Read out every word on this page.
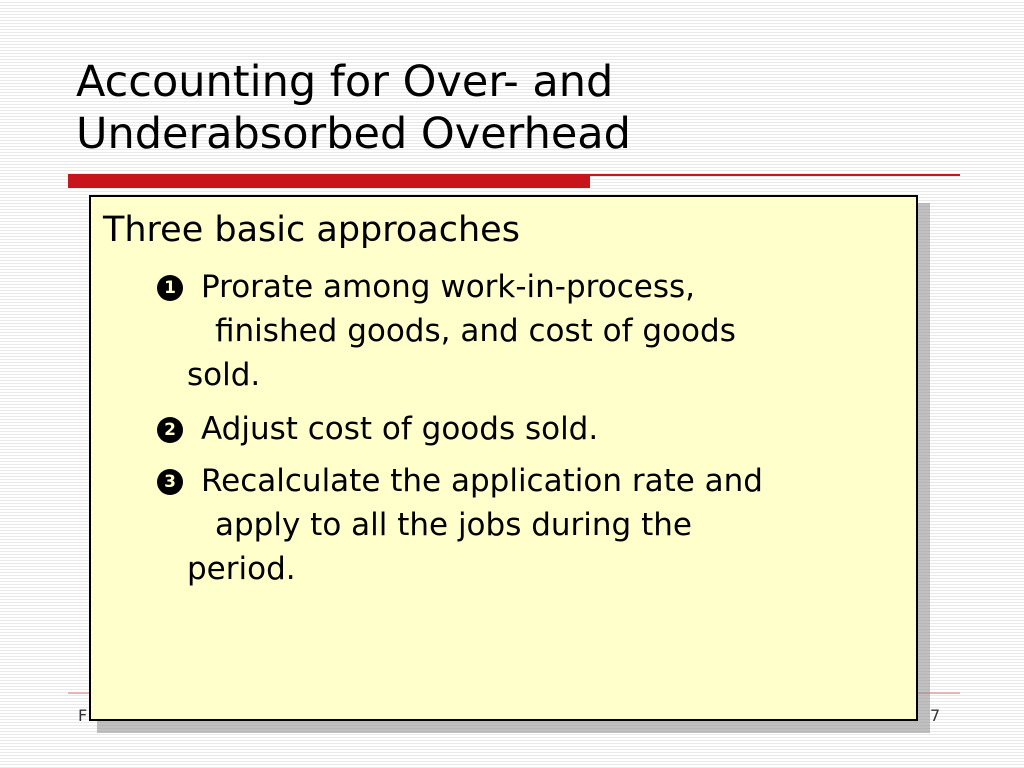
Accounting for Over- and
Underabsorbed Overhead
F	7
Three basic approaches
1 Prorate among work-in-process,
finished goods, and cost of goods
sold.
2 Adjust cost of goods sold.
3 Recalculate the application rate and
apply to all the jobs during the
period.
